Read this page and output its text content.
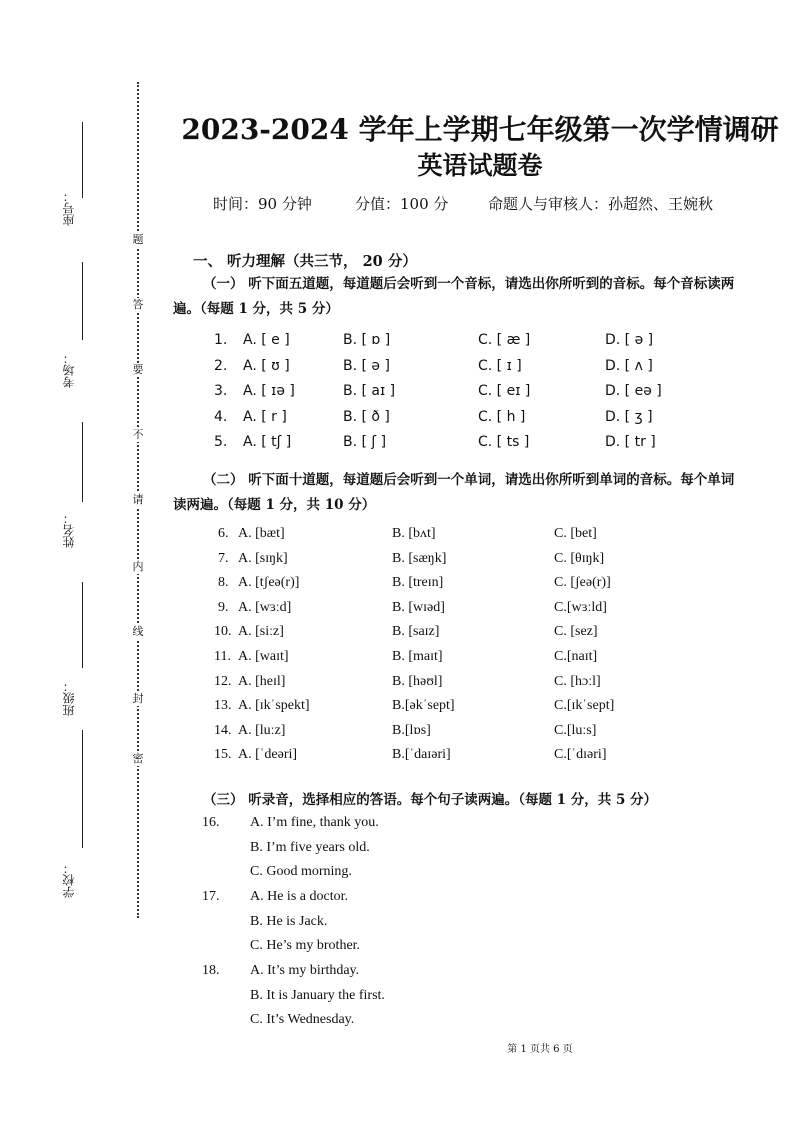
座号：
考场：
姓名：
班级：
学校：
题
答
要
不
请
内
线
封
密
2023-2024 学年上学期七年级第一次学情调研
英语试题卷
时间：90 分钟	分值：100 分	命题人与审核人：孙超然、王婉秋
一、 听力理解（共三节， 20 分）
（一） 听下面五道题，每道题后会听到一个音标，请选出你所听到的音标。每个音标读两
遍。（每题 1 分，共 5 分）
1. A. [ e ]	B. [ ɒ ]	C. [ æ ]	D. [ ə ]
2. A. [ ʊ ]	B. [ ə ]	C. [ ɪ ]	D. [ ʌ ]
3. A. [ ɪə ]	B. [ aɪ ]	C. [ eɪ ]	D. [ eə ]
4. A. [ r ]	B. [ ð ]	C. [ h ]	D. [ ʒ ]
5. A. [ tʃ ]	B. [ ʃ ]	C. [ ts ]	D. [ tr ]
（二） 听下面十道题，每道题后会听到一个单词，请选出你所听到单词的音标。每个单词
读两遍。（每题 1 分，共 10 分）
6. A. [bæt]	B. [bʌt]	C. [bet]
7. A. [sɪŋk]	B. [sæŋk]	C. [θɪŋk]
8. A. [tʃeə(r)]	B. [treɪn]	C. [ʃeə(r)]
9. A. [wɜːd]	B. [wɪəd]	C.[wɜːld]
10. A. [siːz]	B. [saɪz]	C. [sez]
11. A. [waɪt]	B. [maɪt]	C.[naɪt]
12. A. [heɪl]	B. [həʊl]	C. [hɔːl]
13. A. [ɪkˈspekt]	B.[əkˈsept]	C.[ɪkˈsept]
14. A. [luːz]	B.[lɒs]	C.[luːs]
15. A. [ˈdeəri]	B.[ˈdaɪəri]	C.[ˈdɪəri]
（三） 听录音，选择相应的答语。每个句子读两遍。（每题 1 分，共 5 分）
16. A. I’m fine, thank you.
B. I’m five years old.
C. Good morning.
17. A. He is a doctor.
B. He is Jack.
C. He’s my brother.
18. A. It’s my birthday.
B. It is January the first.
C. It’s Wednesday.
第 1 页共 6 页
